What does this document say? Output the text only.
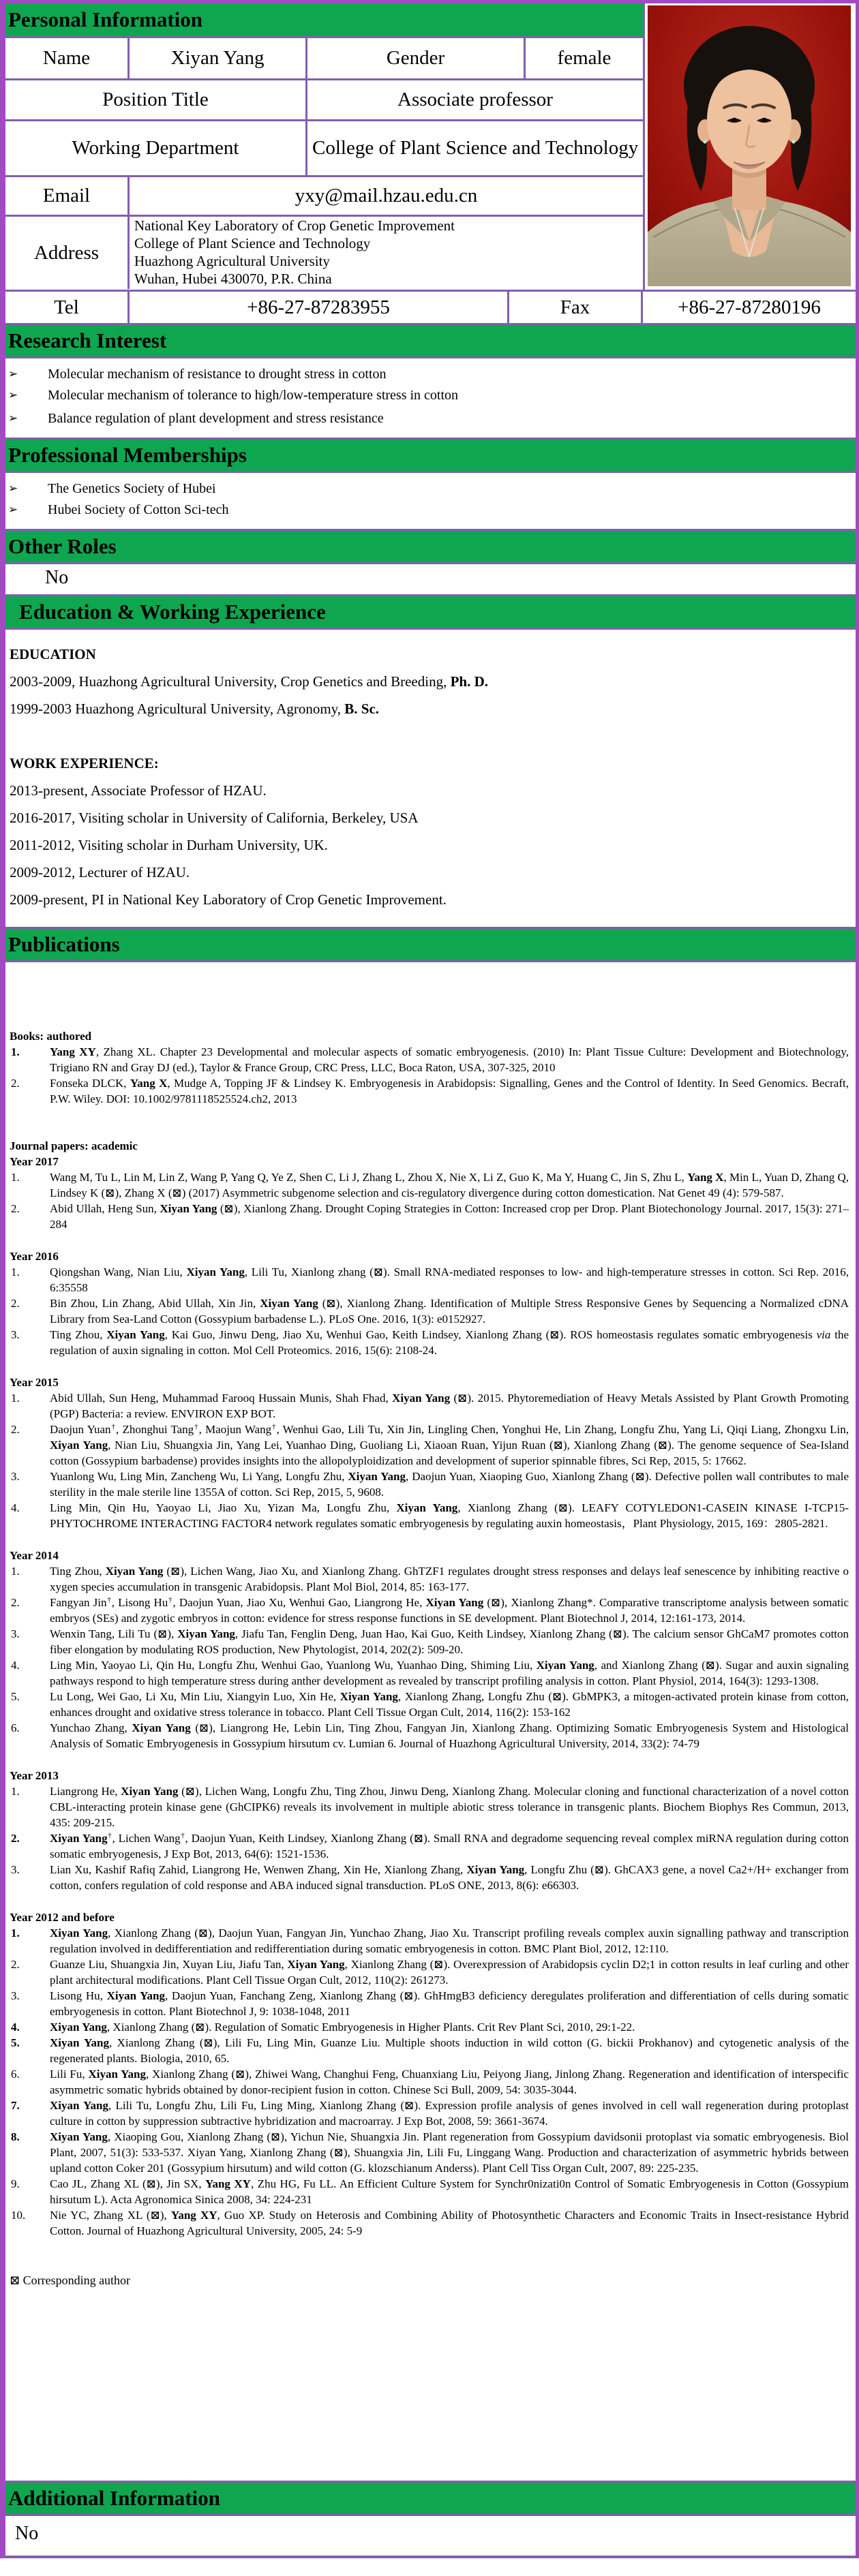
Personal Information
Name	Xiyan Yang	Gender	female
Position Title	Associate professor
Working Department	College of Plant Science and Technology
Email	yxy@mail.hzau.edu.cn
Address
National Key Laboratory of Crop Genetic Improvement
College of Plant Science and Technology
Huazhong Agricultural University
Wuhan, Hubei 430070, P.R. China
Tel	+86-27-87283955	Fax	+86-27-87280196
Research Interest
➢ Molecular mechanism of resistance to drought stress in cotton
➢ Molecular mechanism of tolerance to high/low-temperature stress in cotton
➢ Balance regulation of plant development and stress resistance
Professional Memberships
➢ The Genetics Society of Hubei
➢ Hubei Society of Cotton Sci-tech
Other Roles
No
Education & Working Experience

EDUCATION

2003-2009, Huazhong Agricultural University, Crop Genetics and Breeding, Ph. D.

1999-2003 Huazhong Agricultural University, Agronomy, B. Sc.

WORK EXPERIENCE:

2013-present, Associate Professor of HZAU.

2016-2017, Visiting scholar in University of California, Berkeley, USA

2011-2012, Visiting scholar in Durham University, UK.

2009-2012, Lecturer of HZAU.

2009-present, PI in National Key Laboratory of Crop Genetic Improvement.

Publications
Books: authored
1.	Yang XY, Zhang XL. Chapter 23 Developmental and molecular aspects of somatic embryogenesis. (2010) In: Plant Tissue Culture: Development and Biotechnology, Trigiano RN and Gray DJ (ed.), Taylor & France Group, CRC Press, LLC, Boca Raton, USA, 307-325, 2010
2.	Fonseka DLCK, Yang X, Mudge A, Topping JF & Lindsey K. Embryogenesis in Arabidopsis: Signalling, Genes and the Control of Identity. In Seed Genomics. Becraft, P.W. Wiley. DOI: 10.1002/9781118525524.ch2, 2013
Journal papers: academic
Year 2017
1.	Wang M, Tu L, Lin M, Lin Z, Wang P, Yang Q, Ye Z, Shen C, Li J, Zhang L, Zhou X, Nie X, Li Z, Guo K, Ma Y, Huang C, Jin S, Zhu L, Yang X, Min L, Yuan D, Zhang Q, Lindsey K (⊠), Zhang X (⊠) (2017) Asymmetric subgenome selection and cis-regulatory divergence during cotton domestication. Nat Genet 49 (4): 579-587.
2.	Abid Ullah, Heng Sun, Xiyan Yang (⊠), Xianlong Zhang. Drought Coping Strategies in Cotton: Increased crop per Drop. Plant Biotechonology Journal. 2017, 15(3): 271–284
Year 2016
1.	Qiongshan Wang, Nian Liu, Xiyan Yang, Lili Tu, Xianlong zhang (⊠). Small RNA-mediated responses to low- and high-temperature stresses in cotton. Sci Rep. 2016, 6:35558
2.	Bin Zhou, Lin Zhang, Abid Ullah, Xin Jin, Xiyan Yang (⊠), Xianlong Zhang. Identification of Multiple Stress Responsive Genes by Sequencing a Normalized cDNA Library from Sea-Land Cotton (Gossypium barbadense L.). PLoS One. 2016, 1(3): e0152927.
3.	Ting Zhou, Xiyan Yang, Kai Guo, Jinwu Deng, Jiao Xu, Wenhui Gao, Keith Lindsey, Xianlong Zhang (⊠). ROS homeostasis regulates somatic embryogenesis via the regulation of auxin signaling in cotton. Mol Cell Proteomics. 2016, 15(6): 2108-24.
Year 2015
1.	Abid Ullah, Sun Heng, Muhammad Farooq Hussain Munis, Shah Fhad, Xiyan Yang (⊠). 2015. Phytoremediation of Heavy Metals Assisted by Plant Growth Promoting (PGP) Bacteria: a review. ENVIRON EXP BOT.
2.	Daojun Yuan†, Zhonghui Tang†, Maojun Wang†, Wenhui Gao, Lili Tu, Xin Jin, Lingling Chen, Yonghui He, Lin Zhang, Longfu Zhu, Yang Li, Qiqi Liang, Zhongxu Lin, Xiyan Yang, Nian Liu, Shuangxia Jin, Yang Lei, Yuanhao Ding, Guoliang Li, Xiaoan Ruan, Yijun Ruan (⊠), Xianlong Zhang (⊠). The genome sequence of Sea-Island cotton (Gossypium barbadense) provides insights into the allopolyploidization and development of superior spinnable fibres, Sci Rep, 2015, 5: 17662.
3.	Yuanlong Wu, Ling Min, Zancheng Wu, Li Yang, Longfu Zhu, Xiyan Yang, Daojun Yuan, Xiaoping Guo, Xianlong Zhang (⊠). Defective pollen wall contributes to male sterility in the male sterile line 1355A of cotton. Sci Rep, 2015, 5, 9608.
4.	Ling Min, Qin Hu, Yaoyao Li, Jiao Xu, Yizan Ma, Longfu Zhu, Xiyan Yang, Xianlong Zhang (⊠). LEAFY COTYLEDON1-CASEIN KINASE I-TCP15-PHYTOCHROME INTERACTING FACTOR4 network regulates somatic embryogenesis by regulating auxin homeostasis，Plant Physiology, 2015, 169：2805-2821.
Year 2014
1.	Ting Zhou, Xiyan Yang (⊠), Lichen Wang, Jiao Xu, and Xianlong Zhang. GhTZF1 regulates drought stress responses and delays leaf senescence by inhibiting reactive o xygen species accumulation in transgenic Arabidopsis. Plant Mol Biol, 2014, 85: 163-177.
2.	Fangyan Jin†, Lisong Hu†, Daojun Yuan, Jiao Xu, Wenhui Gao, Liangrong He, Xiyan Yang (⊠), Xianlong Zhang*. Comparative transcriptome analysis between somatic embryos (SEs) and zygotic embryos in cotton: evidence for stress response functions in SE development. Plant Biotechnol J, 2014, 12:161-173, 2014.
3.	Wenxin Tang, Lili Tu (⊠), Xiyan Yang, Jiafu Tan, Fenglin Deng, Juan Hao, Kai Guo, Keith Lindsey, Xianlong Zhang (⊠). The calcium sensor GhCaM7 promotes cotton fiber elongation by modulating ROS production, New Phytologist, 2014, 202(2): 509-20.
4.	Ling Min, Yaoyao Li, Qin Hu, Longfu Zhu, Wenhui Gao, Yuanlong Wu, Yuanhao Ding, Shiming Liu, Xiyan Yang, and Xianlong Zhang (⊠). Sugar and auxin signaling pathways respond to high temperature stress during anther development as revealed by transcript profiling analysis in cotton. Plant Physiol, 2014, 164(3): 1293-1308.
5.	Lu Long, Wei Gao, Li Xu, Min Liu, Xiangyin Luo, Xin He, Xiyan Yang, Xianlong Zhang, Longfu Zhu (⊠). GbMPK3, a mitogen-activated protein kinase from cotton, enhances drought and oxidative stress tolerance in tobacco. Plant Cell Tissue Organ Cult, 2014, 116(2): 153-162
6.	Yunchao Zhang, Xiyan Yang (⊠), Liangrong He, Lebin Lin, Ting Zhou, Fangyan Jin, Xianlong Zhang. Optimizing Somatic Embryogenesis System and Histological Analysis of Somatic Embryogenesis in Gossypium hirsutum cv. Lumian 6. Journal of Huazhong Agricultural University, 2014, 33(2): 74-79
Year 2013
1.	Liangrong He, Xiyan Yang (⊠), Lichen Wang, Longfu Zhu, Ting Zhou, Jinwu Deng, Xianlong Zhang. Molecular cloning and functional characterization of a novel cotton CBL-interacting protein kinase gene (GhCIPK6) reveals its involvement in multiple abiotic stress tolerance in transgenic plants. Biochem Biophys Res Commun, 2013, 435: 209-215.
2.	Xiyan Yang†, Lichen Wang†, Daojun Yuan, Keith Lindsey, Xianlong Zhang (⊠). Small RNA and degradome sequencing reveal complex miRNA regulation during cotton somatic embryogenesis, J Exp Bot, 2013, 64(6): 1521-1536.
3.	Lian Xu, Kashif Rafiq Zahid, Liangrong He, Wenwen Zhang, Xin He, Xianlong Zhang, Xiyan Yang, Longfu Zhu (⊠). GhCAX3 gene, a novel Ca2+/H+ exchanger from cotton, confers regulation of cold response and ABA induced signal transduction. PLoS ONE, 2013, 8(6): e66303.
Year 2012 and before
1.	Xiyan Yang, Xianlong Zhang (⊠), Daojun Yuan, Fangyan Jin, Yunchao Zhang, Jiao Xu. Transcript profiling reveals complex auxin signalling pathway and transcription regulation involved in dedifferentiation and redifferentiation during somatic embryogenesis in cotton. BMC Plant Biol, 2012, 12:110.
2.	Guanze Liu, Shuangxia Jin, Xuyan Liu, Jiafu Tan, Xiyan Yang, Xianlong Zhang (⊠). Overexpression of Arabidopsis cyclin D2;1 in cotton results in leaf curling and other plant architectural modifications. Plant Cell Tissue Organ Cult, 2012, 110(2): 261273.
3.	Lisong Hu, Xiyan Yang, Daojun Yuan, Fanchang Zeng, Xianlong Zhang (⊠). GhHmgB3 deficiency deregulates proliferation and differentiation of cells during somatic embryogenesis in cotton. Plant Biotechnol J, 9: 1038-1048, 2011
4.	Xiyan Yang, Xianlong Zhang (⊠). Regulation of Somatic Embryogenesis in Higher Plants. Crit Rev Plant Sci, 2010, 29:1-22.
5.	Xiyan Yang, Xianlong Zhang (⊠), Lili Fu, Ling Min, Guanze Liu. Multiple shoots induction in wild cotton (G. bickii Prokhanov) and cytogenetic analysis of the regenerated plants. Biologia, 2010, 65.
6.	Lili Fu, Xiyan Yang, Xianlong Zhang (⊠), Zhiwei Wang, Changhui Feng, Chuanxiang Liu, Peiyong Jiang, Jinlong Zhang. Regeneration and identification of interspecific asymmetric somatic hybrids obtained by donor-recipient fusion in cotton. Chinese Sci Bull, 2009, 54: 3035-3044.
7.	Xiyan Yang, Lili Tu, Longfu Zhu, Lili Fu, Ling Ming, Xianlong Zhang (⊠). Expression profile analysis of genes involved in cell wall regeneration during protoplast culture in cotton by suppression subtractive hybridization and macroarray. J Exp Bot, 2008, 59: 3661-3674.
8.	Xiyan Yang, Xiaoping Gou, Xianlong Zhang (⊠), Yichun Nie, Shuangxia Jin. Plant regeneration from Gossypium davidsonii protoplast via somatic embryogenesis. Biol Plant, 2007, 51(3): 533-537. Xiyan Yang, Xianlong Zhang (⊠), Shuangxia Jin, Lili Fu, Linggang Wang. Production and characterization of asymmetric hybrids between upland cotton Coker 201 (Gossypium hirsutum) and wild cotton (G. klozschianum Anderss). Plant Cell Tiss Organ Cult, 2007, 89: 225-235.
9.	Cao JL, Zhang XL (⊠), Jin SX, Yang XY, Zhu HG, Fu LL. An Efficient Culture System for Synchr0nizati0n Control of Somatic Embryogenesis in Cotton (Gossypium hirsutum L). Acta Agronomica Sinica 2008, 34: 224-231
10. Nie YC, Zhang XL (⊠), Yang XY, Guo XP. Study on Heterosis and Combining Ability of Photosynthetic Characters and Economic Traits in Insect-resistance Hybrid Cotton. Journal of Huazhong Agricultural University, 2005, 24: 5-9
⊠ Corresponding author
Additional Information
No
